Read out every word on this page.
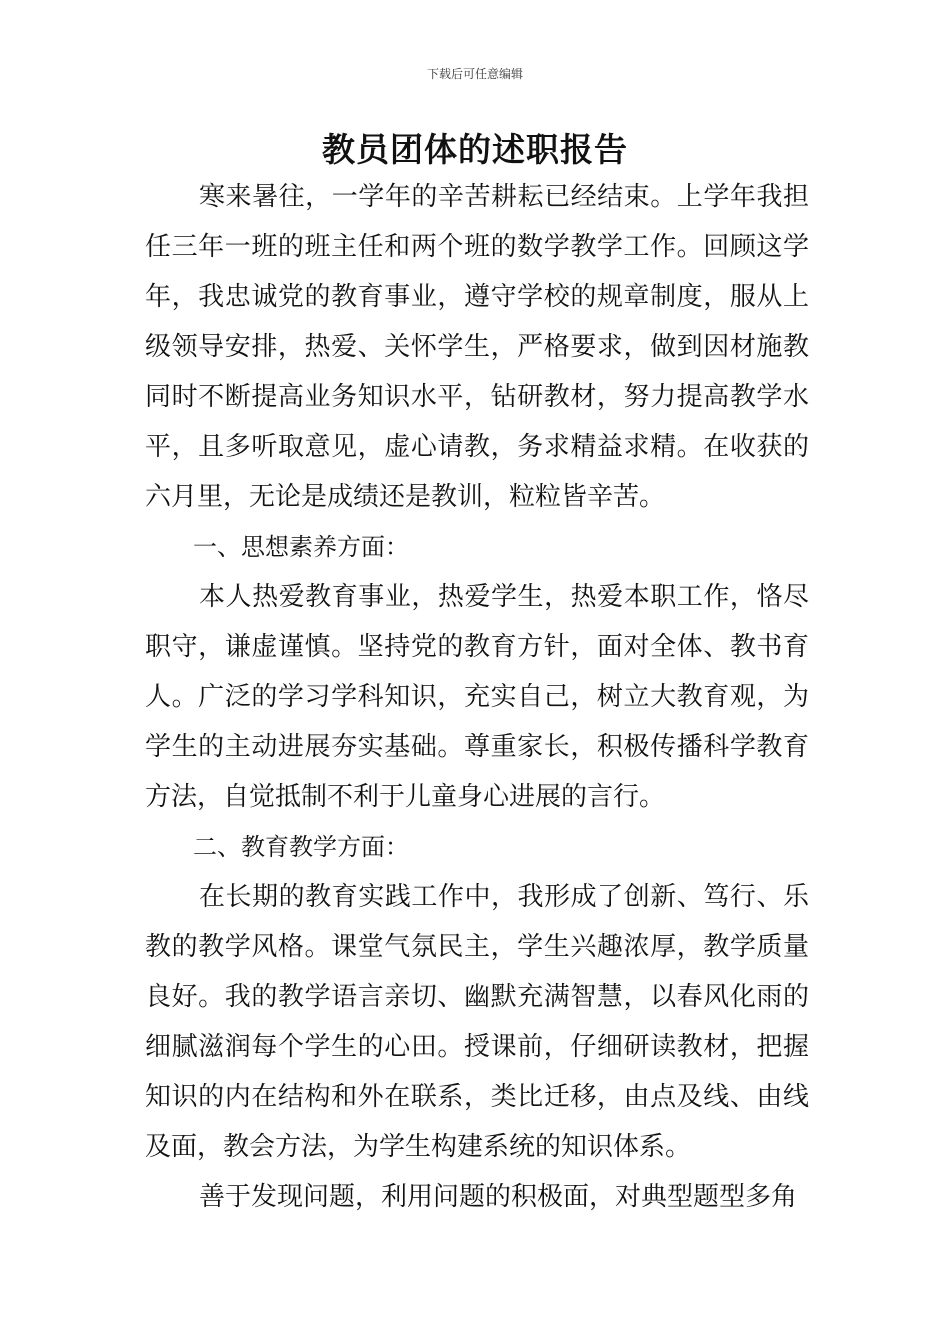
下载后可任意编辑
教员团体的述职报告

寒来暑往，一学年的辛苦耕耘已经结束。上学年我担任三年一班的班主任和两个班的数学教学工作。回顾这学年，我忠诚党的教育事业，遵守学校的规章制度，服从上级领导安排，热爱、关怀学生，严格要求，做到因材施教同时不断提高业务知识水平，钻研教材，努力提高教学水平，且多听取意见，虚心请教，务求精益求精。在收获的六月里，无论是成绩还是教训，粒粒皆辛苦。

一、思想素养方面：

本人热爱教育事业，热爱学生，热爱本职工作，恪尽职守，谦虚谨慎。坚持党的教育方针，面对全体、教书育人。广泛的学习学科知识，充实自己，树立大教育观，为学生的主动进展夯实基础。尊重家长，积极传播科学教育方法，自觉抵制不利于儿童身心进展的言行。

二、教育教学方面：

在长期的教育实践工作中，我形成了创新、笃行、乐教的教学风格。课堂气氛民主，学生兴趣浓厚，教学质量良好。我的教学语言亲切、幽默充满智慧，以春风化雨的细腻滋润每个学生的心田。授课前，仔细研读教材，把握知识的内在结构和外在联系，类比迁移，由点及线、由线及面，教会方法，为学生构建系统的知识体系。

善于发现问题，利用问题的积极面，对典型题型多角
